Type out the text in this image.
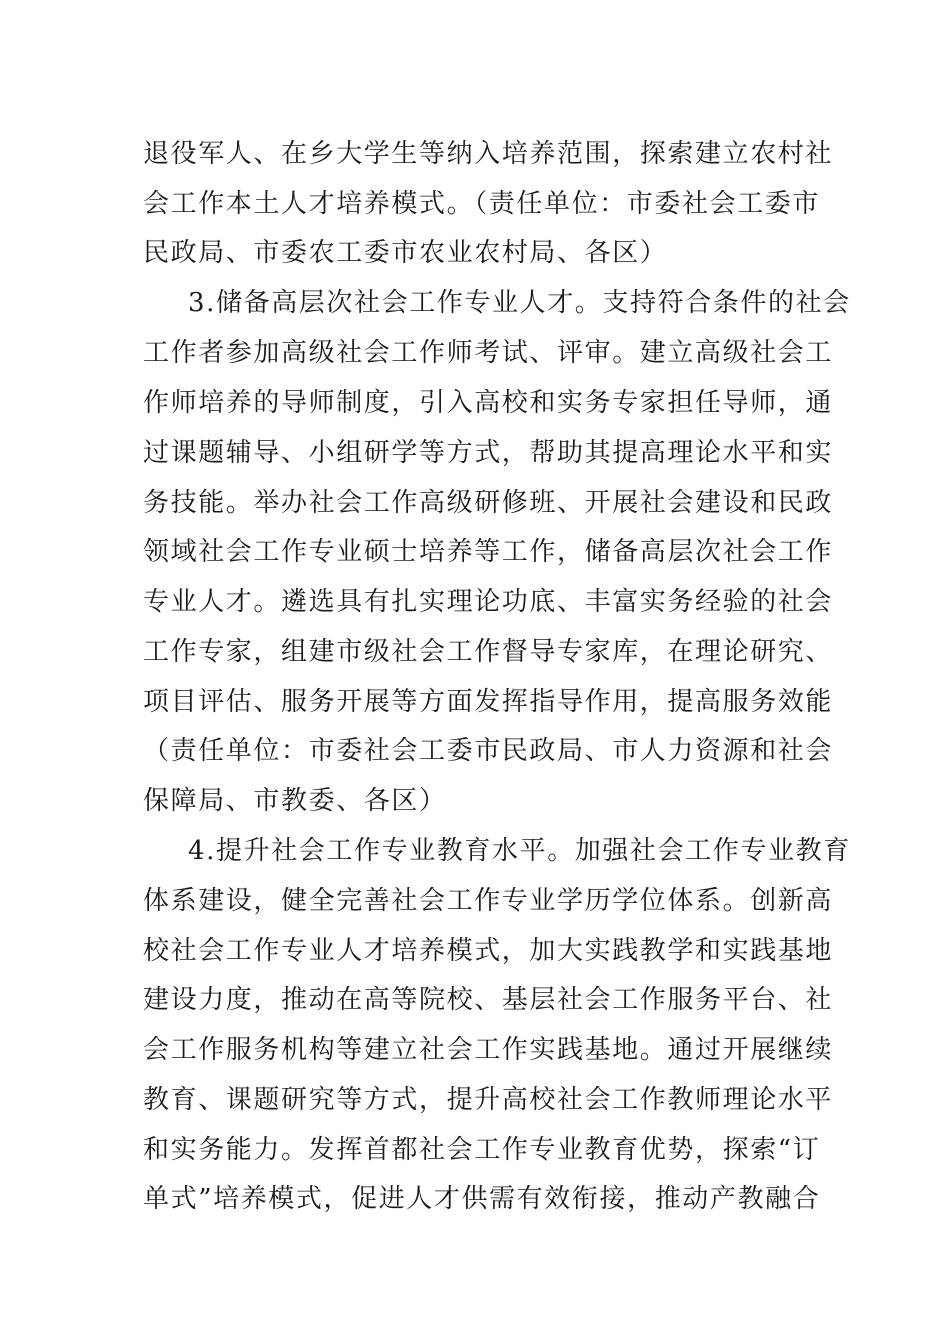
退役军人、在乡大学生等纳入培养范围，探索建立农村社
会工作本土人才培养模式。（责任单位：市委社会工委市
民政局、市委农工委市农业农村局、各区）
3.储备高层次社会工作专业人才。支持符合条件的社会
工作者参加高级社会工作师考试、评审。建立高级社会工
作师培养的导师制度，引入高校和实务专家担任导师，通
过课题辅导、小组研学等方式，帮助其提高理论水平和实
务技能。举办社会工作高级研修班、开展社会建设和民政
领域社会工作专业硕士培养等工作，储备高层次社会工作
专业人才。遴选具有扎实理论功底、丰富实务经验的社会
工作专家，组建市级社会工作督导专家库，在理论研究、
项目评估、服务开展等方面发挥指导作用，提高服务效能
（责任单位：市委社会工委市民政局、市人力资源和社会
保障局、市教委、各区）
4.提升社会工作专业教育水平。加强社会工作专业教育
体系建设，健全完善社会工作专业学历学位体系。创新高
校社会工作专业人才培养模式，加大实践教学和实践基地
建设力度，推动在高等院校、基层社会工作服务平台、社
会工作服务机构等建立社会工作实践基地。通过开展继续
教育、课题研究等方式，提升高校社会工作教师理论水平
和实务能力。发挥首都社会工作专业教育优势，探索“订
单式”培养模式，促进人才供需有效衔接，推动产教融合
